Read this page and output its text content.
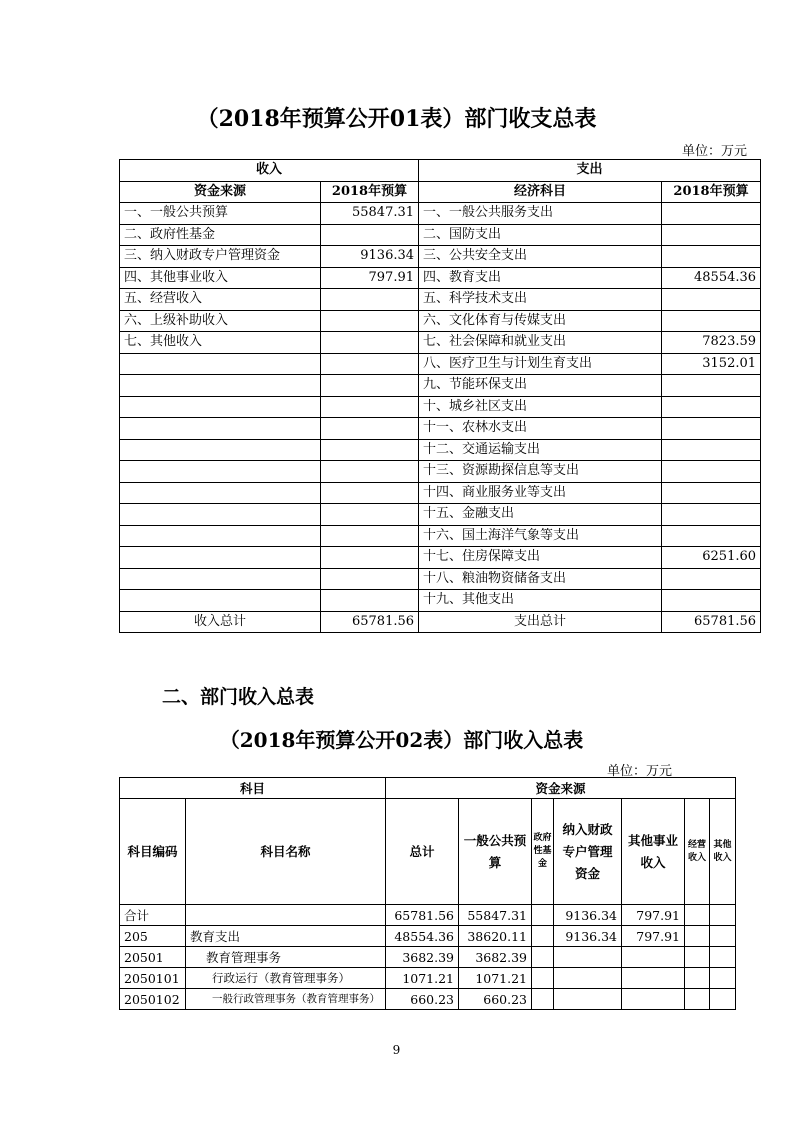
（2018年预算公开01表）部门收支总表
单位：万元
收入		支出	
资金来源	2018年预算	经济科目	2018年预算
一、一般公共预算	55847.31	一、一般公共服务支出	
二、政府性基金		二、国防支出	
三、纳入财政专户管理资金	9136.34	三、公共安全支出	
四、其他事业收入	797.91	四、教育支出	48554.36
五、经营收入		五、科学技术支出	
六、上级补助收入		六、文化体育与传媒支出	
七、其他收入		七、社会保障和就业支出	7823.59
		八、医疗卫生与计划生育支出	3152.01
		九、节能环保支出	
		十、城乡社区支出	
		十一、农林水支出	
		十二、交通运输支出	
		十三、资源勘探信息等支出	
		十四、商业服务业等支出	
		十五、金融支出	
		十六、国土海洋气象等支出	
		十七、住房保障支出	6251.60
		十八、粮油物资储备支出	
		十九、其他支出	
收入总计	65781.56	支出总计	65781.56
二、部门收入总表
（2018年预算公开02表）部门收入总表
单位：万元
科目		资金来源						
科目编码	科目名称	总计	一般公共预算	政府性基金	纳入财政专户管理资金	其他事业收入	经营收入	其他收入
合计		65781.56	55847.31		9136.34	797.91		
205	教育支出	48554.36	38620.11		9136.34	797.91		
20501	教育管理事务	3682.39	3682.39					
2050101	行政运行（教育管理事务）	1071.21	1071.21					
2050102	一般行政管理事务（教育管理事务）	660.23	660.23					
9
